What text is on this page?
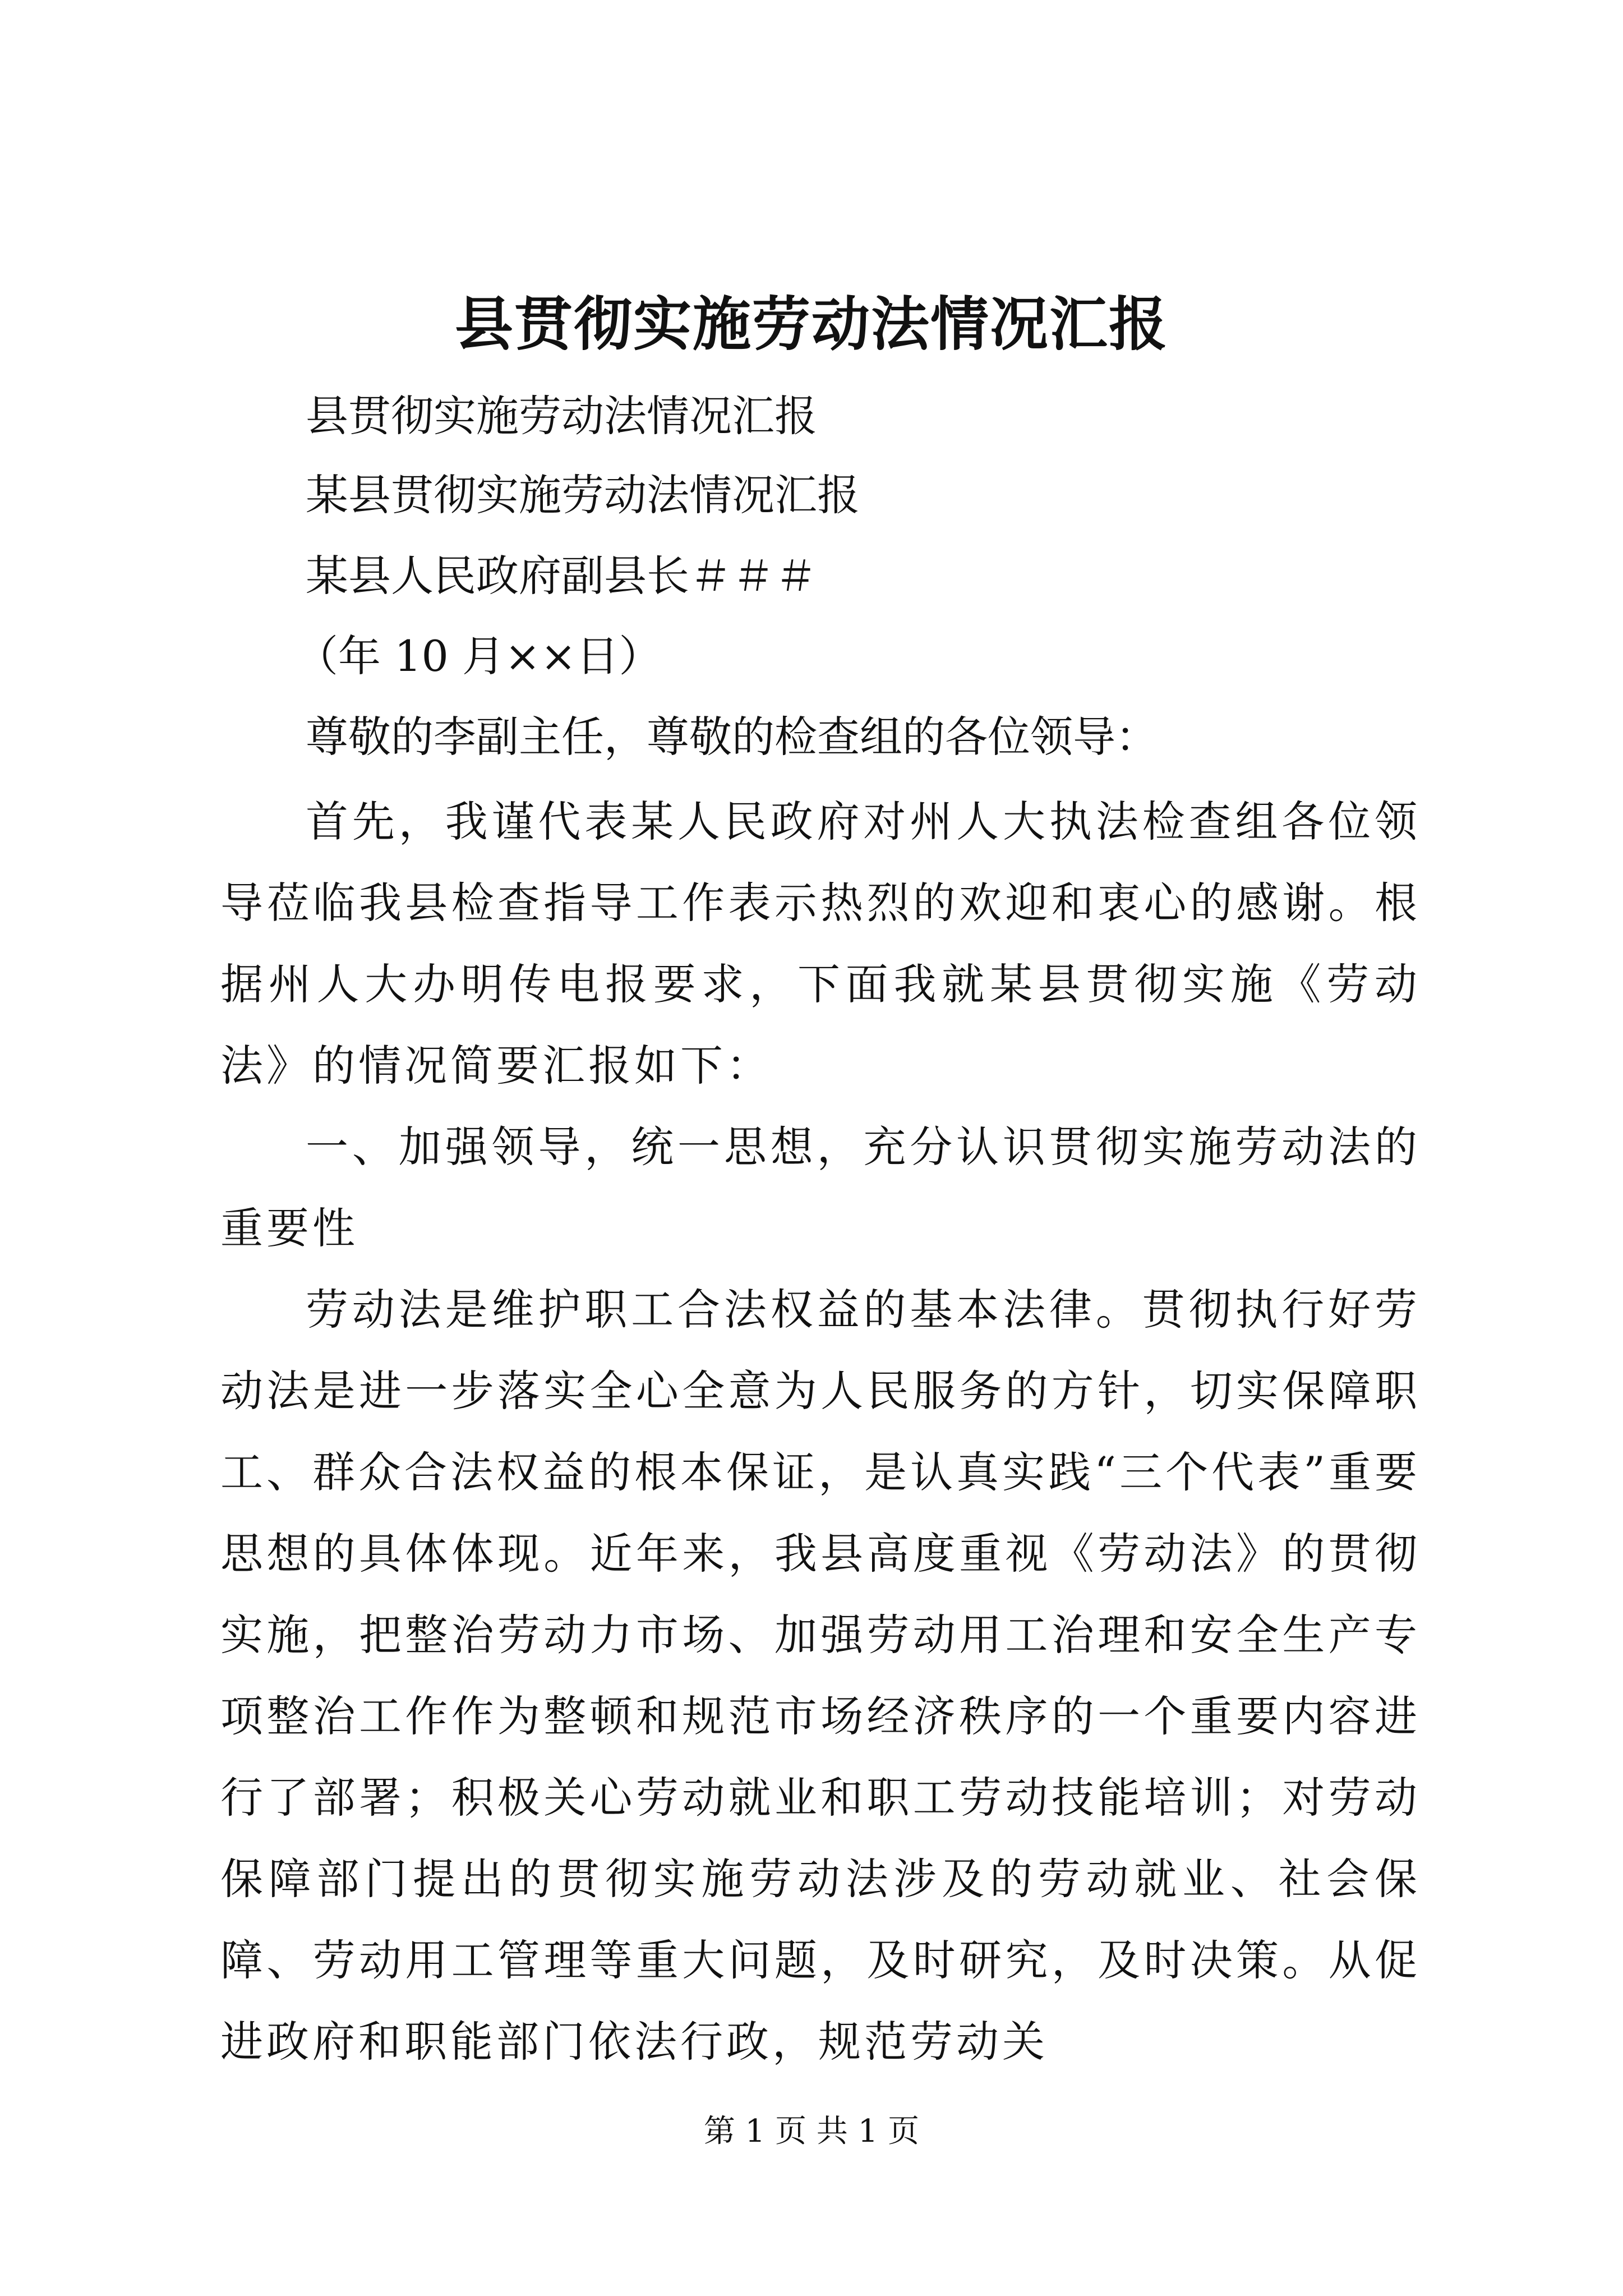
县贯彻实施劳动法情况汇报

县贯彻实施劳动法情况汇报

某县贯彻实施劳动法情况汇报

某县人民政府副县长＃＃＃

（年 10 月××日）

尊敬的李副主任，尊敬的检查组的各位领导：

首先，我谨代表某人民政府对州人大执法检查组各位领导莅临我县检查指导工作表示热烈的欢迎和衷心的感谢。根据州人大办明传电报要求，下面我就某县贯彻实施《劳动法》的情况简要汇报如下：

一、加强领导，统一思想，充分认识贯彻实施劳动法的重要性

劳动法是维护职工合法权益的基本法律。贯彻执行好劳动法是进一步落实全心全意为人民服务的方针，切实保障职工、群众合法权益的根本保证，是认真实践“三个代表”重要思想的具体体现。近年来，我县高度重视《劳动法》的贯彻实施，把整治劳动力市场、加强劳动用工治理和安全生产专项整治工作作为整顿和规范市场经济秩序的一个重要内容进行了部署；积极关心劳动就业和职工劳动技能培训；对劳动保障部门提出的贯彻实施劳动法涉及的劳动就业、社会保障、劳动用工管理等重大问题，及时研究，及时决策。从促进政府和职能部门依法行政，规范劳动关

第 1 页 共 1 页
